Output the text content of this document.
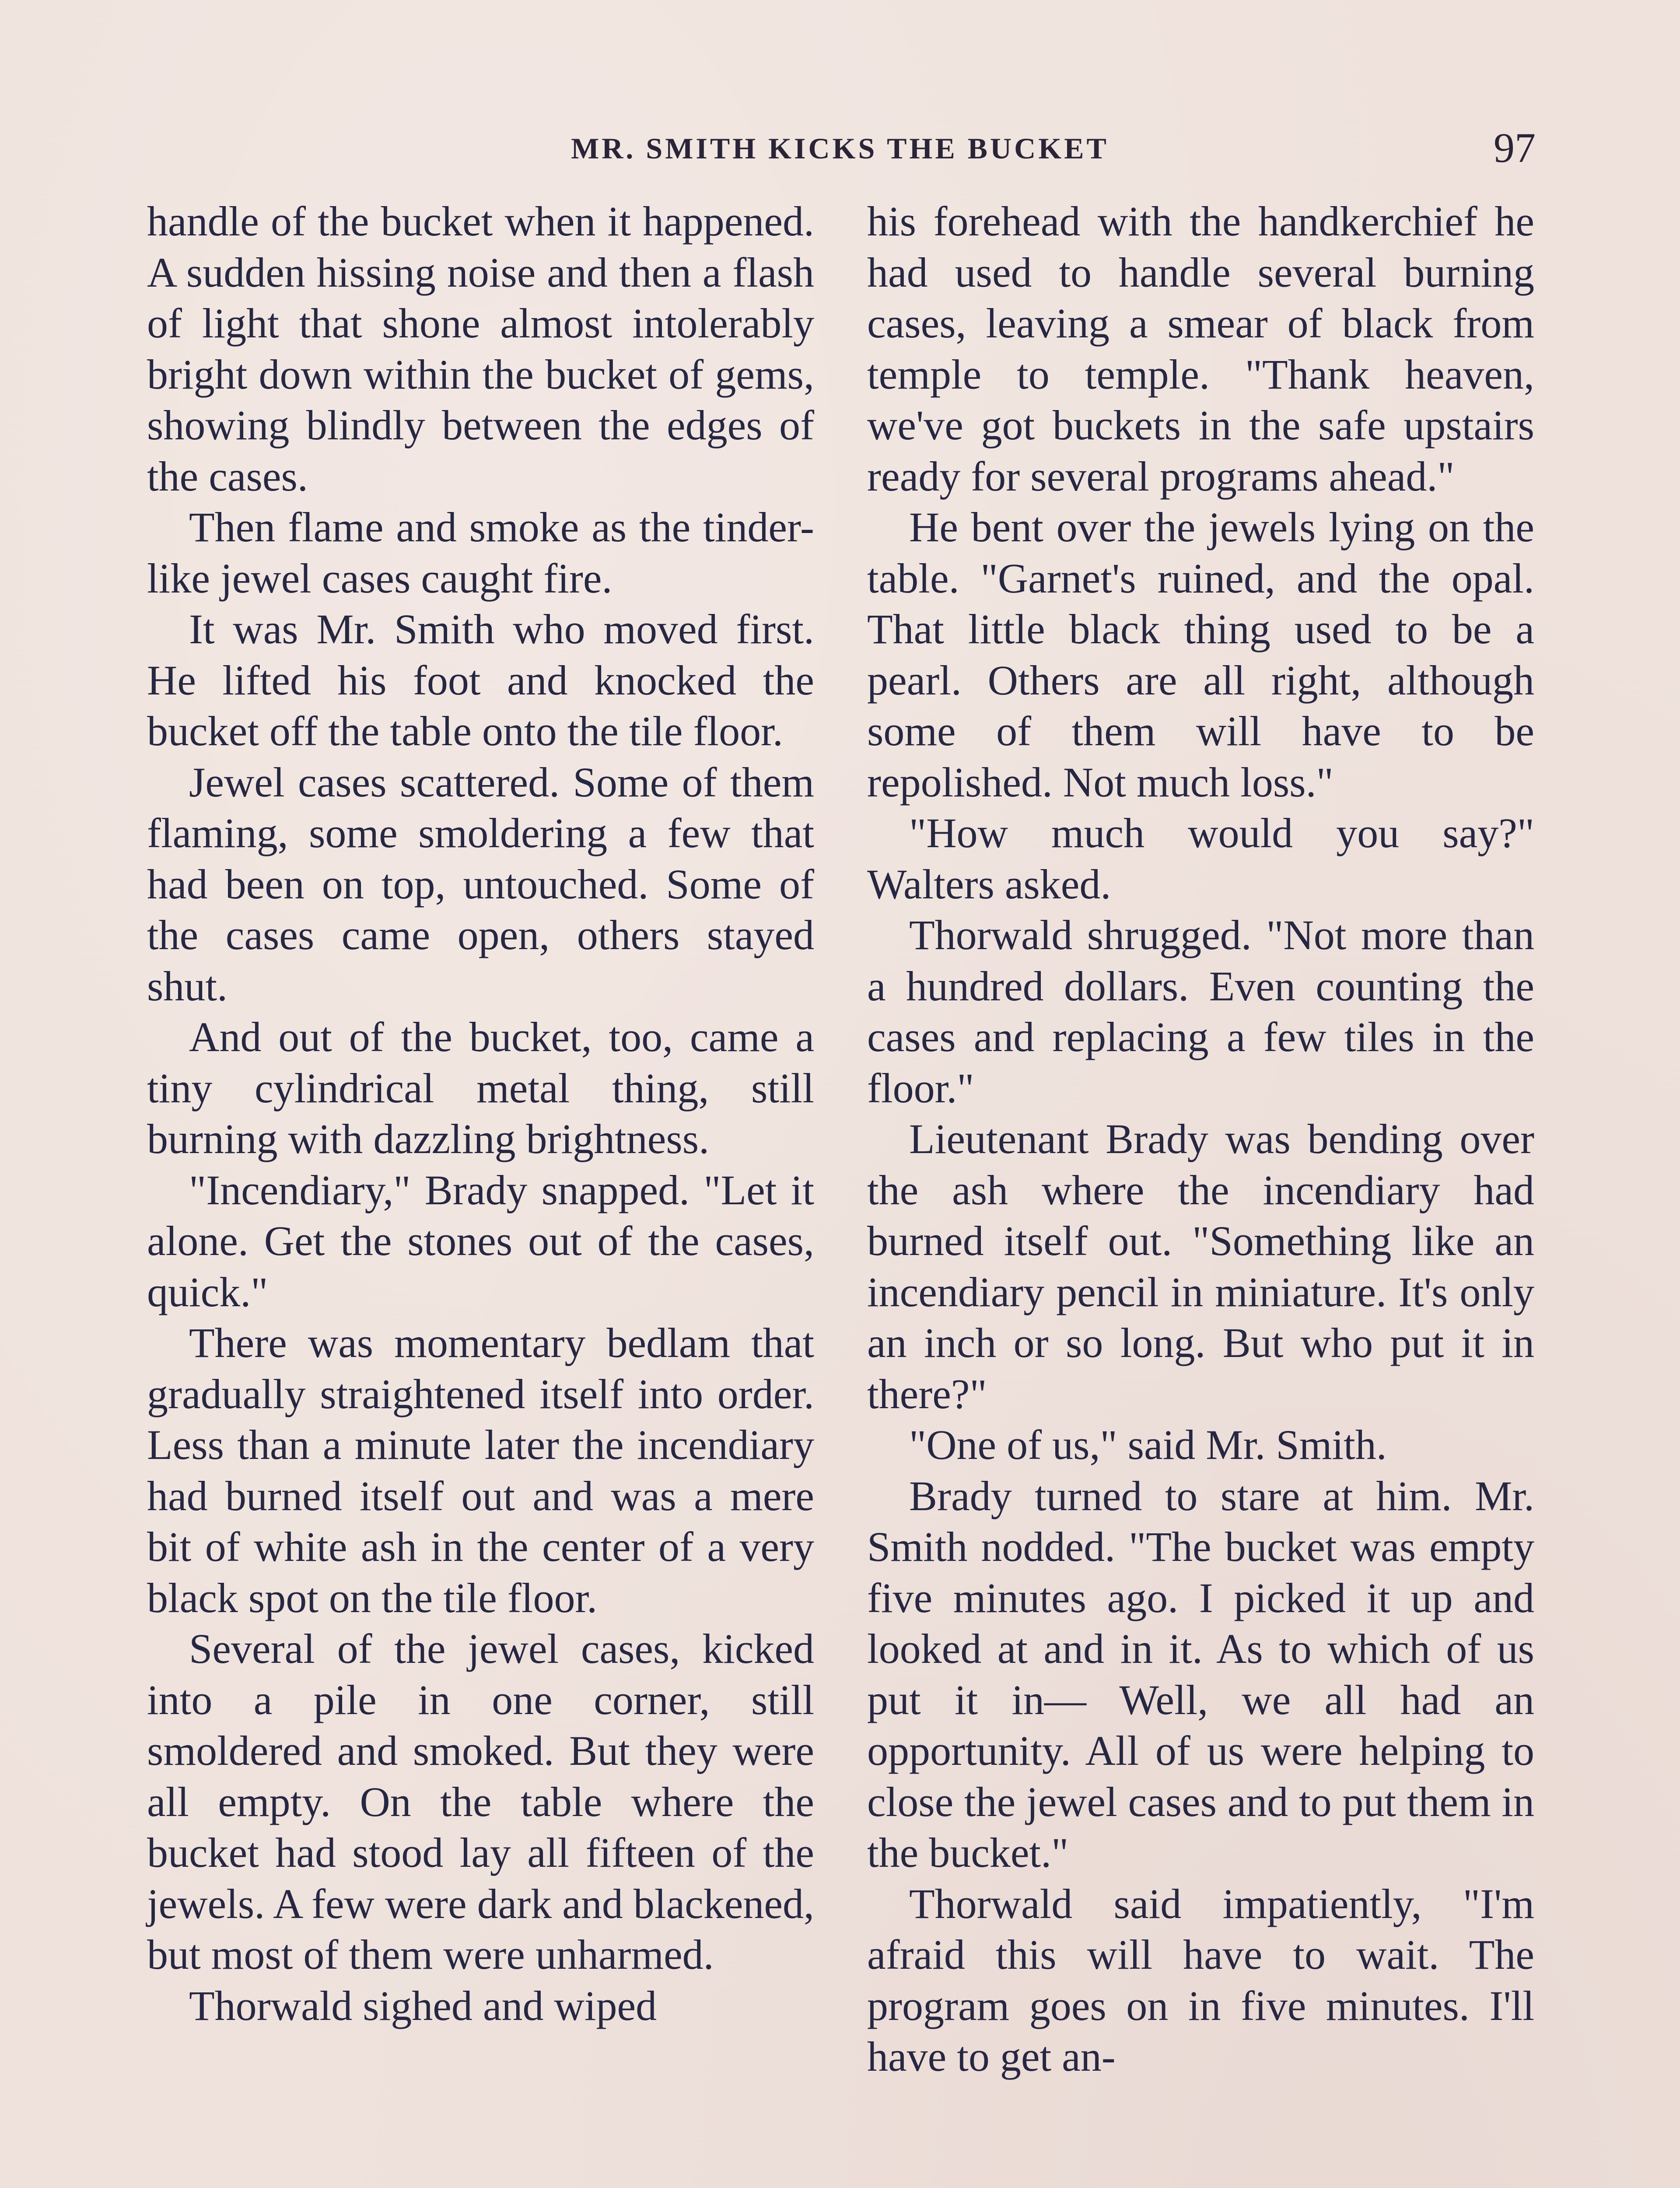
MR. SMITH KICKS THE BUCKET	97

handle of the bucket when it happened. A sudden hissing noise and then a flash of light that shone almost intolerably bright down within the bucket of gems, showing blindly between the edges of the cases.

Then flame and smoke as the tinder-like jewel cases caught fire.

It was Mr. Smith who moved first. He lifted his foot and knocked the bucket off the table onto the tile floor.

Jewel cases scattered. Some of them flaming, some smoldering a few that had been on top, untouched. Some of the cases came open, others stayed shut.

And out of the bucket, too, came a tiny cylindrical metal thing, still burning with dazzling brightness.

"Incendiary," Brady snapped. "Let it alone. Get the stones out of the cases, quick."

There was momentary bedlam that gradually straightened itself into order. Less than a minute later the incendiary had burned itself out and was a mere bit of white ash in the center of a very black spot on the tile floor.

Several of the jewel cases, kicked into a pile in one corner, still smoldered and smoked. But they were all empty. On the table where the bucket had stood lay all fifteen of the jewels. A few were dark and blackened, but most of them were unharmed.

Thorwald sighed and wiped

his forehead with the handkerchief he had used to handle several burning cases, leaving a smear of black from temple to temple. "Thank heaven, we've got buckets in the safe upstairs ready for several programs ahead."

He bent over the jewels lying on the table. "Garnet's ruined, and the opal. That little black thing used to be a pearl. Others are all right, although some of them will have to be repolished. Not much loss."

"How much would you say?" Walters asked.

Thorwald shrugged. "Not more than a hundred dollars. Even counting the cases and replacing a few tiles in the floor."

Lieutenant Brady was bending over the ash where the incendiary had burned itself out. "Something like an incendiary pencil in miniature. It's only an inch or so long. But who put it in there?"

"One of us," said Mr. Smith.

Brady turned to stare at him. Mr. Smith nodded. "The bucket was empty five minutes ago. I picked it up and looked at and in it. As to which of us put it in— Well, we all had an opportunity. All of us were helping to close the jewel cases and to put them in the bucket."

Thorwald said impatiently, "I'm afraid this will have to wait. The program goes on in five minutes. I'll have to get an-
